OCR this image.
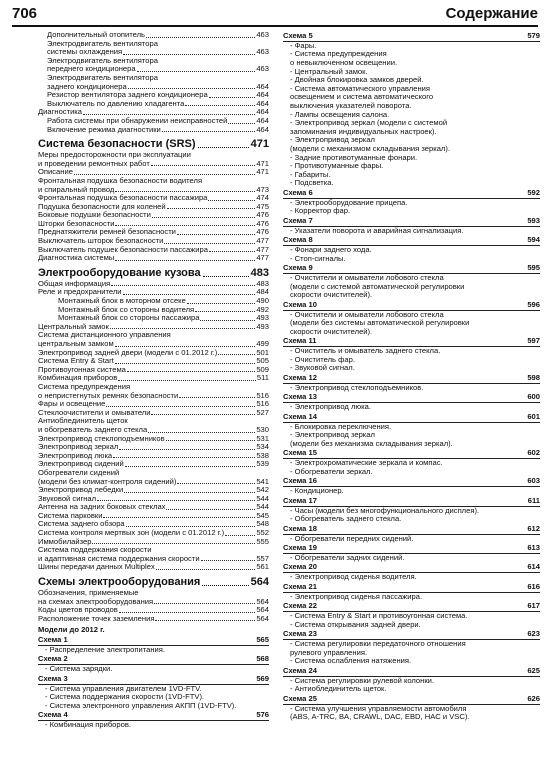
706	Содержание
Дополнительный отопитель	463
Электродвигатель вентилятора
системы охлаждения	463
Электродвигатель вентилятора
переднего кондиционера	463
Электродвигатель вентилятора
заднего кондиционера	464
Резистор вентилятора заднего кондиционера	464
Выключатель по давлению хладагента	464
Диагностика	464
Работа системы при обнаружении неисправностей	464
Включение режима диагностики	464
Система безопасности (SRS)	471
Меры предосторожности при эксплуатации
и проведении ремонтных работ	471
Описание	471
Фронтальная подушка безопасности водителя
и спиральный провод	473
Фронтальная подушка безопасности пассажира	474
Подушка безопасности для коленей	475
Боковые подушки безопасности	476
Шторки безопасности	476
Преднатяжители ремней безопасности	476
Выключатель шторок безопасности	477
Выключатель подушек безопасности пассажира	477
Диагностика системы	477
Электрооборудование кузова	483
Общая информация	483
Реле и предохранители	484
Монтажный блок в моторном отсеке	490
Монтажный блок со стороны водителя	492
Монтажный блок со стороны пассажира	493
Центральный замок	493
Система дистанционного управления
центральным замком	499
Электропривод задней двери (модели с 01.2012 г.)	501
Система Entry & Start	505
Противоугонная система	509
Комбинация приборов	511
Система предупреждения
о непристегнутых ремнях безопасности	516
Фары и освещение	516
Стеклоочистители и омыватели	527
Антиоблединитель щеток
и обогреватель заднего стекла	530
Электропривод стеклоподъемников	531
Электропривод зеркал	534
Электропривод люка	538
Электропривод сидений	539
Обогреватели сидений
(модели без климат-контроля сидений)	541
Электропривод лебедки	542
Звуковой сигнал	544
Антенна на задних боковых стеклах	544
Система парковки	545
Система заднего обзора	548
Система контроля мертвых зон (модели с 01.2012 г.)	552
Иммобилайзер	555
Система поддержания скорости
и адаптивная система поддержания скорости	557
Шины передачи данных Multiplex	561
Схемы электрооборудования	564
Обозначения, применяемые
на схемах электрооборудования	564
Коды цветов проводов	564
Расположение точек заземления	564
Модели до 2012 г.
Схема 1	565
- Распределение электропитания.
Схема 2	568
- Система зарядки.
Схема 3	569
- Система управления двигателем 1VD-FTV.
- Система поддержания скорости (1VD-FTV).
- Система электронного управления АКПП (1VD-FTV).
Схема 4	576
- Комбинация приборов.
Схема 5	579
- Фары.
- Система предупреждения
о невыключенном освещении.
- Центральный замок.
- Двойная блокировка замков дверей.
- Система автоматического управления
освещением и система автоматического
выключения указателей поворота.
- Лампы освещения салона.
- Электропривод зеркал (модели с системой
запоминания индивидуальных настроек).
- Электропривод зеркал
(модели с механизмом складывания зеркал).
- Задние противотуманные фонари.
- Противотуманные фары.
- Габариты.
- Подсветка.
Схема 6	592
- Электрооборудование прицепа.
- Корректор фар.
Схема 7	593
- Указатели поворота и аварийная сигнализация.
Схема 8	594
- Фонари заднего хода.
- Стоп-сигналы.
Схема 9	595
- Очистители и омыватели лобового стекла
(модели с системой автоматической регулировки
скорости очистителей).
Схема 10	596
- Очистители и омыватели лобового стекла
(модели без системы автоматической регулировки
скорости очистителей).
Схема 11	597
- Очиститель и омыватель заднего стекла.
- Очиститель фар.
- Звуковой сигнал.
Схема 12	598
- Электропривод стеклоподъемников.
Схема 13	600
- Электропривод люка.
Схема 14	601
- Блокировка переключения.
- Электропривод зеркал
(модели без механизма складывания зеркал).
Схема 15	602
- Электрохроматические зеркала и компас.
- Обогреватели зеркал.
Схема 16	603
- Кондиционер.
Схема 17	611
- Часы (модели без многофункционального дисплея).
- Обогреватель заднего стекла.
Схема 18	612
- Обогреватели передних сидений.
Схема 19	613
- Обогреватели задних сидений.
Схема 20	614
- Электропривод сиденья водителя.
Схема 21	616
- Электропривод сиденья пассажира.
Схема 22	617
- Система Entry & Start и противоугонная система.
- Система открывания задней двери.
Схема 23	623
- Система регулировки передаточного отношения
рулевого управления.
- Система ослабления натяжения.
Схема 24	625
- Система регулировки рулевой колонки.
- Антиоблединитель щеток.
Схема 25	626
- Система улучшения управляемости автомобиля
(ABS, A-TRC, BA, CRAWL, DAC, EBD, HAC и VSC).
